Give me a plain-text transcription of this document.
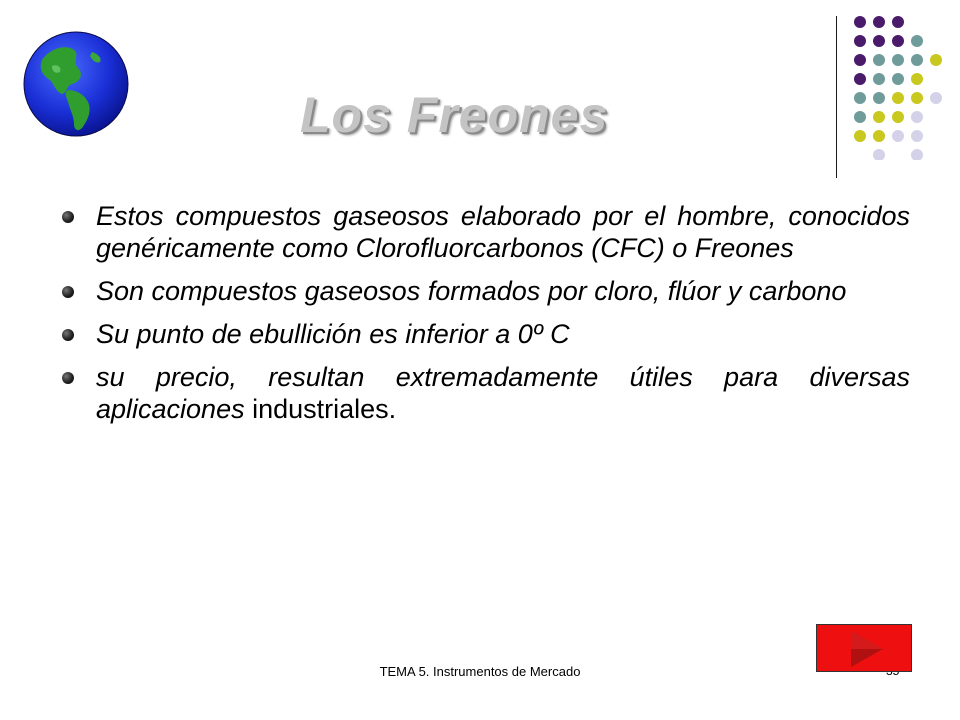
Los Freones
Estos compuestos gaseosos elaborado por el hombre, conocidos genéricamente como Clorofluorcarbonos (CFC) o Freones
Son compuestos gaseosos formados por cloro, flúor y carbono
Su punto de ebullición es inferior a 0º C
su precio, resultan extremadamente útiles para diversas aplicaciones industriales.
TEMA 5. Instrumentos de Mercado
